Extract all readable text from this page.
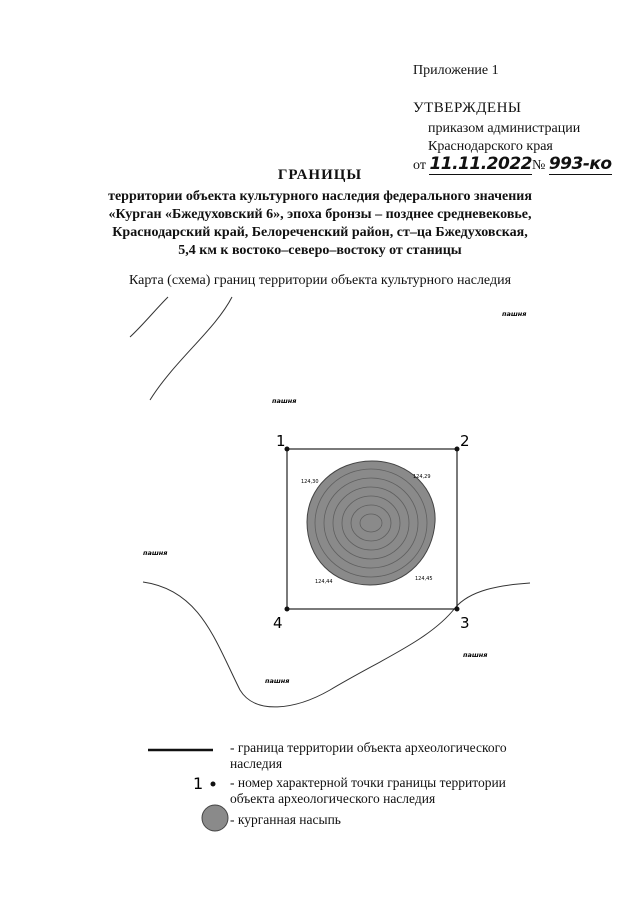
Приложение 1
УТВЕРЖДЕНЫ
приказом администрации
Краснодарского края
от 11.11.2022№ 993-ко
ГРАНИЦЫ
территории объекта культурного наследия федерального значения
«Курган «Бжедуховский 6», эпоха бронзы – позднее средневековье,
Краснодарский край, Белореченский район, ст–ца Бжедуховская,
5,4 км к востоко–северо–востоку от станицы
Карта (схема) границ территории объекта культурного наследия
пашня
пашня
пашня
пашня
пашня
124,30
124,29
124,44	124,45
1	2
3
4
1
- граница территории объекта археологического
наследия
- номер характерной точки границы территории
объекта археологического наследия
- курганная насыпь
